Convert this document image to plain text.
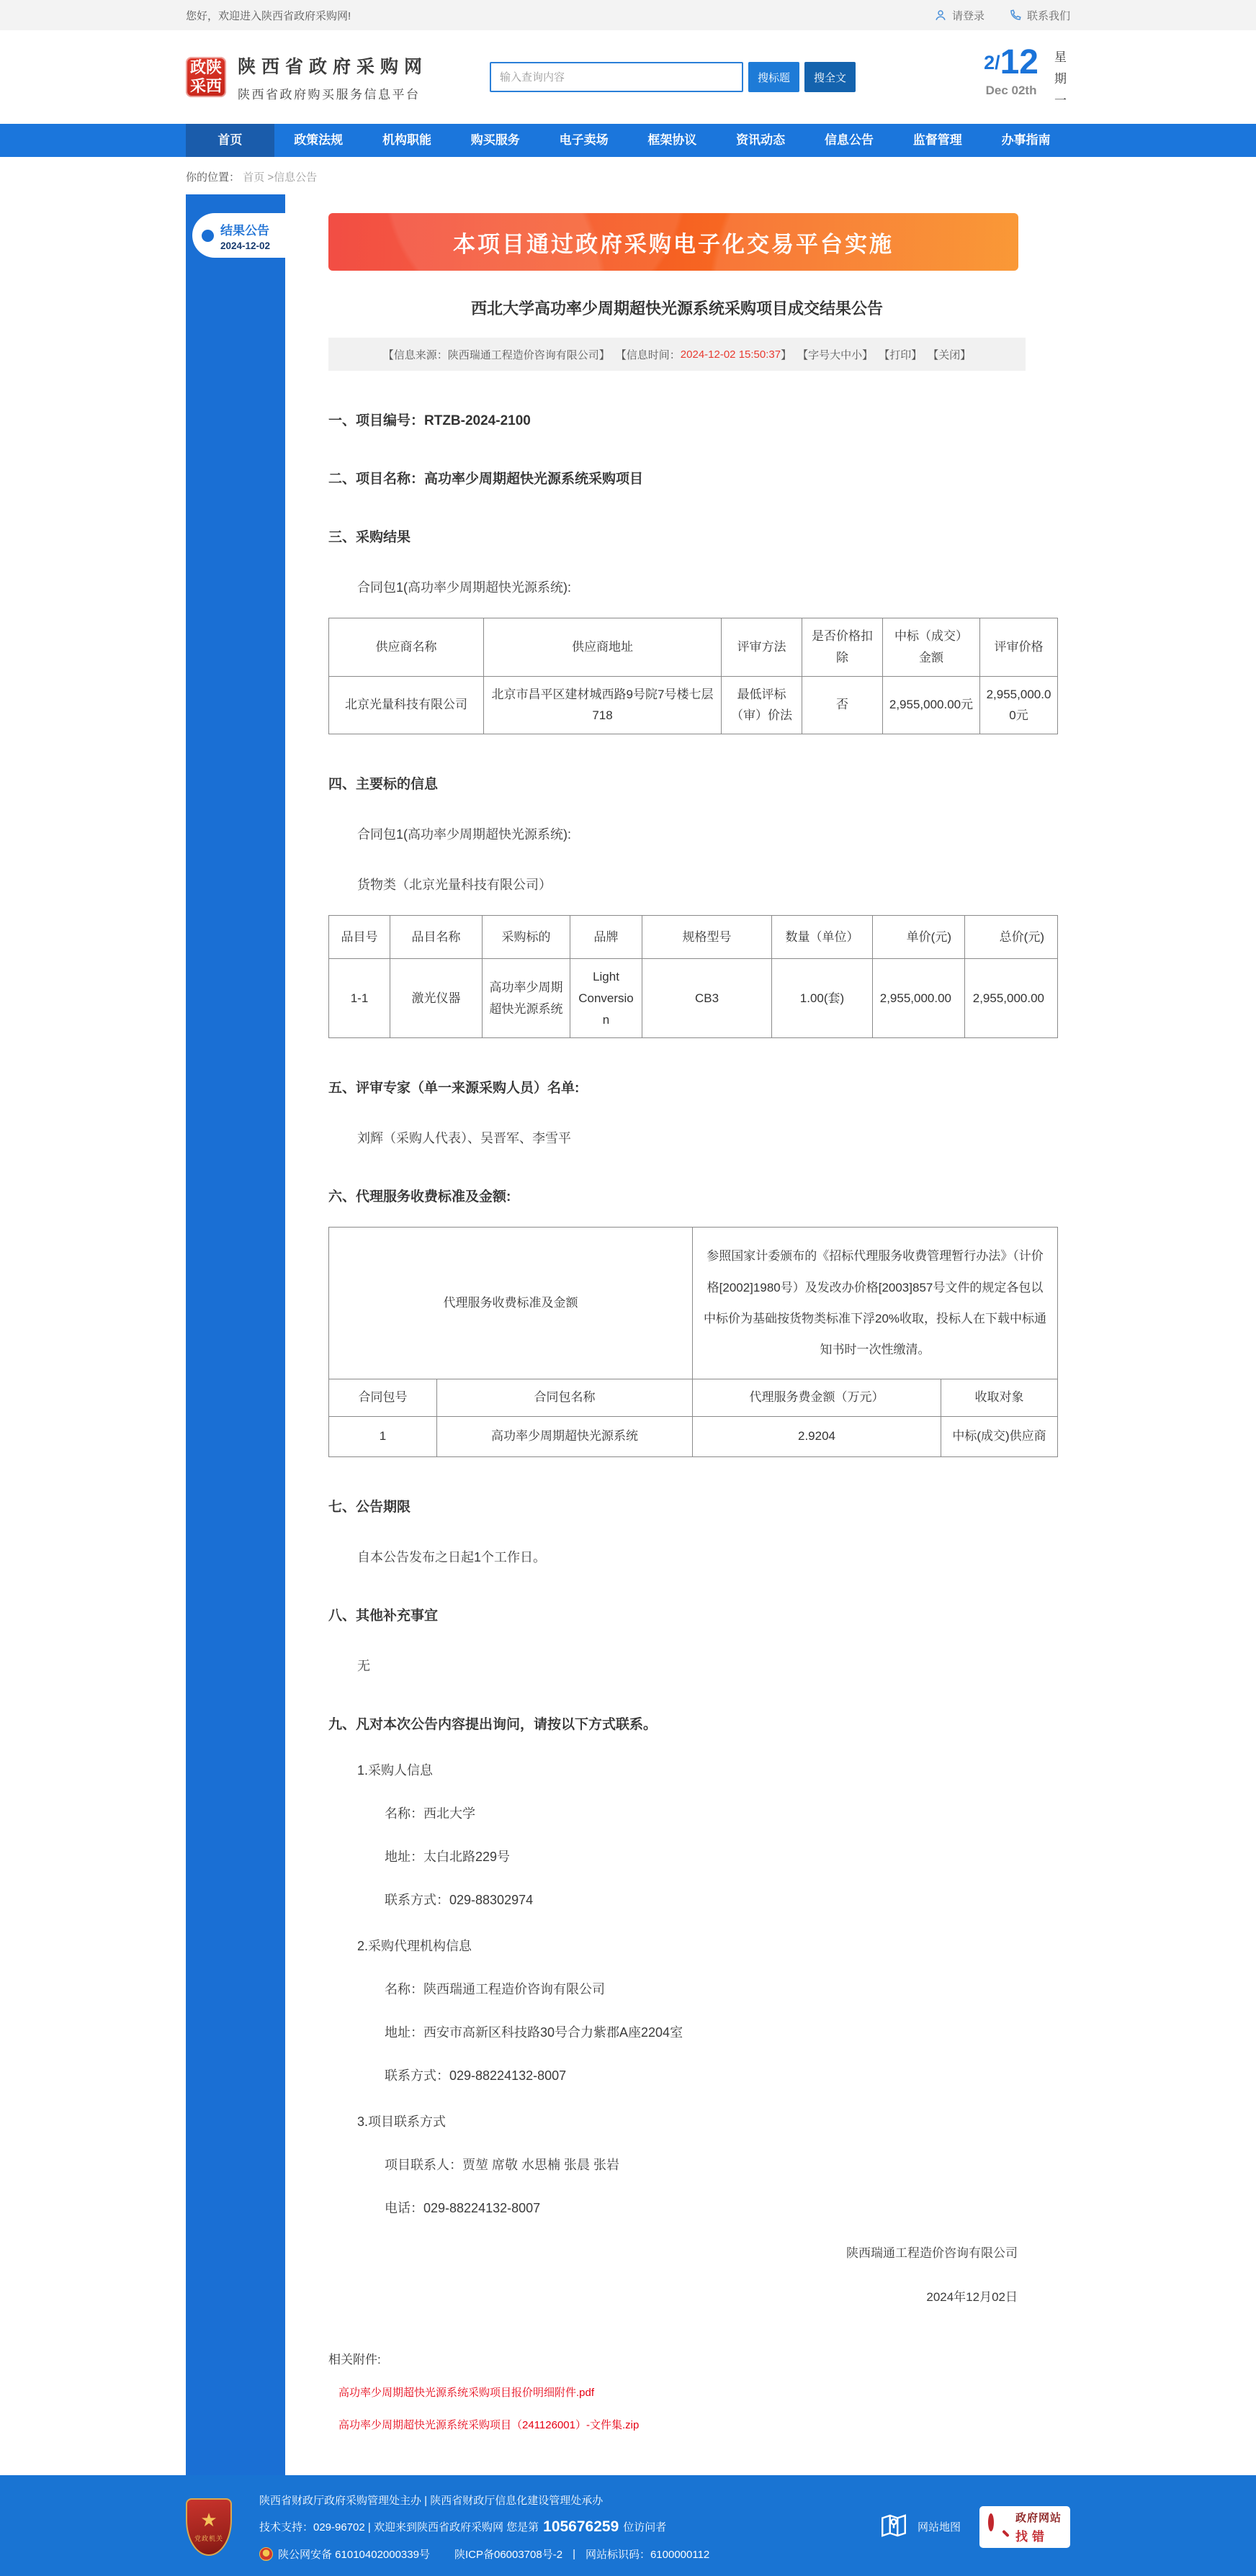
您好，欢迎进入陕西省政府采购网!	请登录	联系我们
政陕
采西
陕西省政府采购网
陕西省政府购买服务信息平台
输入查询内容
搜标题	搜全文
2/12
Dec 02th
星期一
首页	政策法规	机构职能	购买服务	电子卖场	框架协议	资讯动态	信息公告	监督管理	办事指南
你的位置： 首页 >信息公告
结果公告
2024-12-02	本项目通过政府采购电子化交易平台实施
西北大学高功率少周期超快光源系统采购项目成交结果公告
【信息来源：陕西瑞通工程造价咨询有限公司】 【信息时间： 2024-12-02 15:50:37 】 【字号 大 中 小 】 【打印】 【关闭】
一、项目编号：RTZB-2024-2100
二、项目名称：高功率少周期超快光源系统采购项目
三、采购结果
合同包1(高功率少周期超快光源系统):
供应商名称	供应商地址	评审方法	是否价格扣除	中标（成交）金额	评审价格
北京光量科技有限公司	北京市昌平区建材城西路9号院7号楼七层718	最低评标（审）价法	否	2,955,000.00元	2,955,000.00元
四、主要标的信息
合同包1(高功率少周期超快光源系统):
货物类（北京光量科技有限公司）
品目号	品目名称	采购标的	品牌	规格型号	数量（单位）	单价(元)	总价(元)
1-1	激光仪器	高功率少周期超快光源系统	Light Conversion	CB3	1.00(套)	2,955,000.00	2,955,000.00
五、评审专家（单一来源采购人员）名单:
刘辉（采购人代表）、吴晋军、李雪平
六、代理服务收费标准及金额:
代理服务收费标准及金额		参照国家计委颁布的《招标代理服务收费管理暂行办法》（计价格[2002]1980号）及发改办价格[2003]857号文件的规定各包以中标价为基础按货物类标准下浮20%收取，投标人在下载中标通知书时一次性缴清。	
合同包号	合同包名称	代理服务费金额（万元）	收取对象
1	高功率少周期超快光源系统	2.9204	中标(成交)供应商
七、公告期限
自本公告发布之日起1个工作日。
八、其他补充事宜
无
九、凡对本次公告内容提出询问，请按以下方式联系。
1.采购人信息
名称：西北大学
地址：太白北路229号
联系方式：029-88302974
2.采购代理机构信息
名称：陕西瑞通工程造价咨询有限公司
地址：西安市高新区科技路30号合力紫郡A座2204室
联系方式：029-88224132-8007
3.项目联系方式
项目联系人：贾堃 席敬 水思楠 张晨 张岩
电话：029-88224132-8007
陕西瑞通工程造价咨询有限公司
2024年12月02日
相关附件:
高功率少周期超快光源系统采购项目报价明细附件.pdf
高功率少周期超快光源系统采购项目（241126001）-文件集.zip
★
党政机关
陕西省财政厅政府采购管理处主办 | 陕西省财政厅信息化建设管理处承办
技术支持：029-96702 | 欢迎来到陕西省政府采购网 您是第 105676259 位访问者
陕公网安备 61010402000339号 陕ICP备06003708号-2 | 网站标识码：6100000112
网站地图
政府网站
找错
